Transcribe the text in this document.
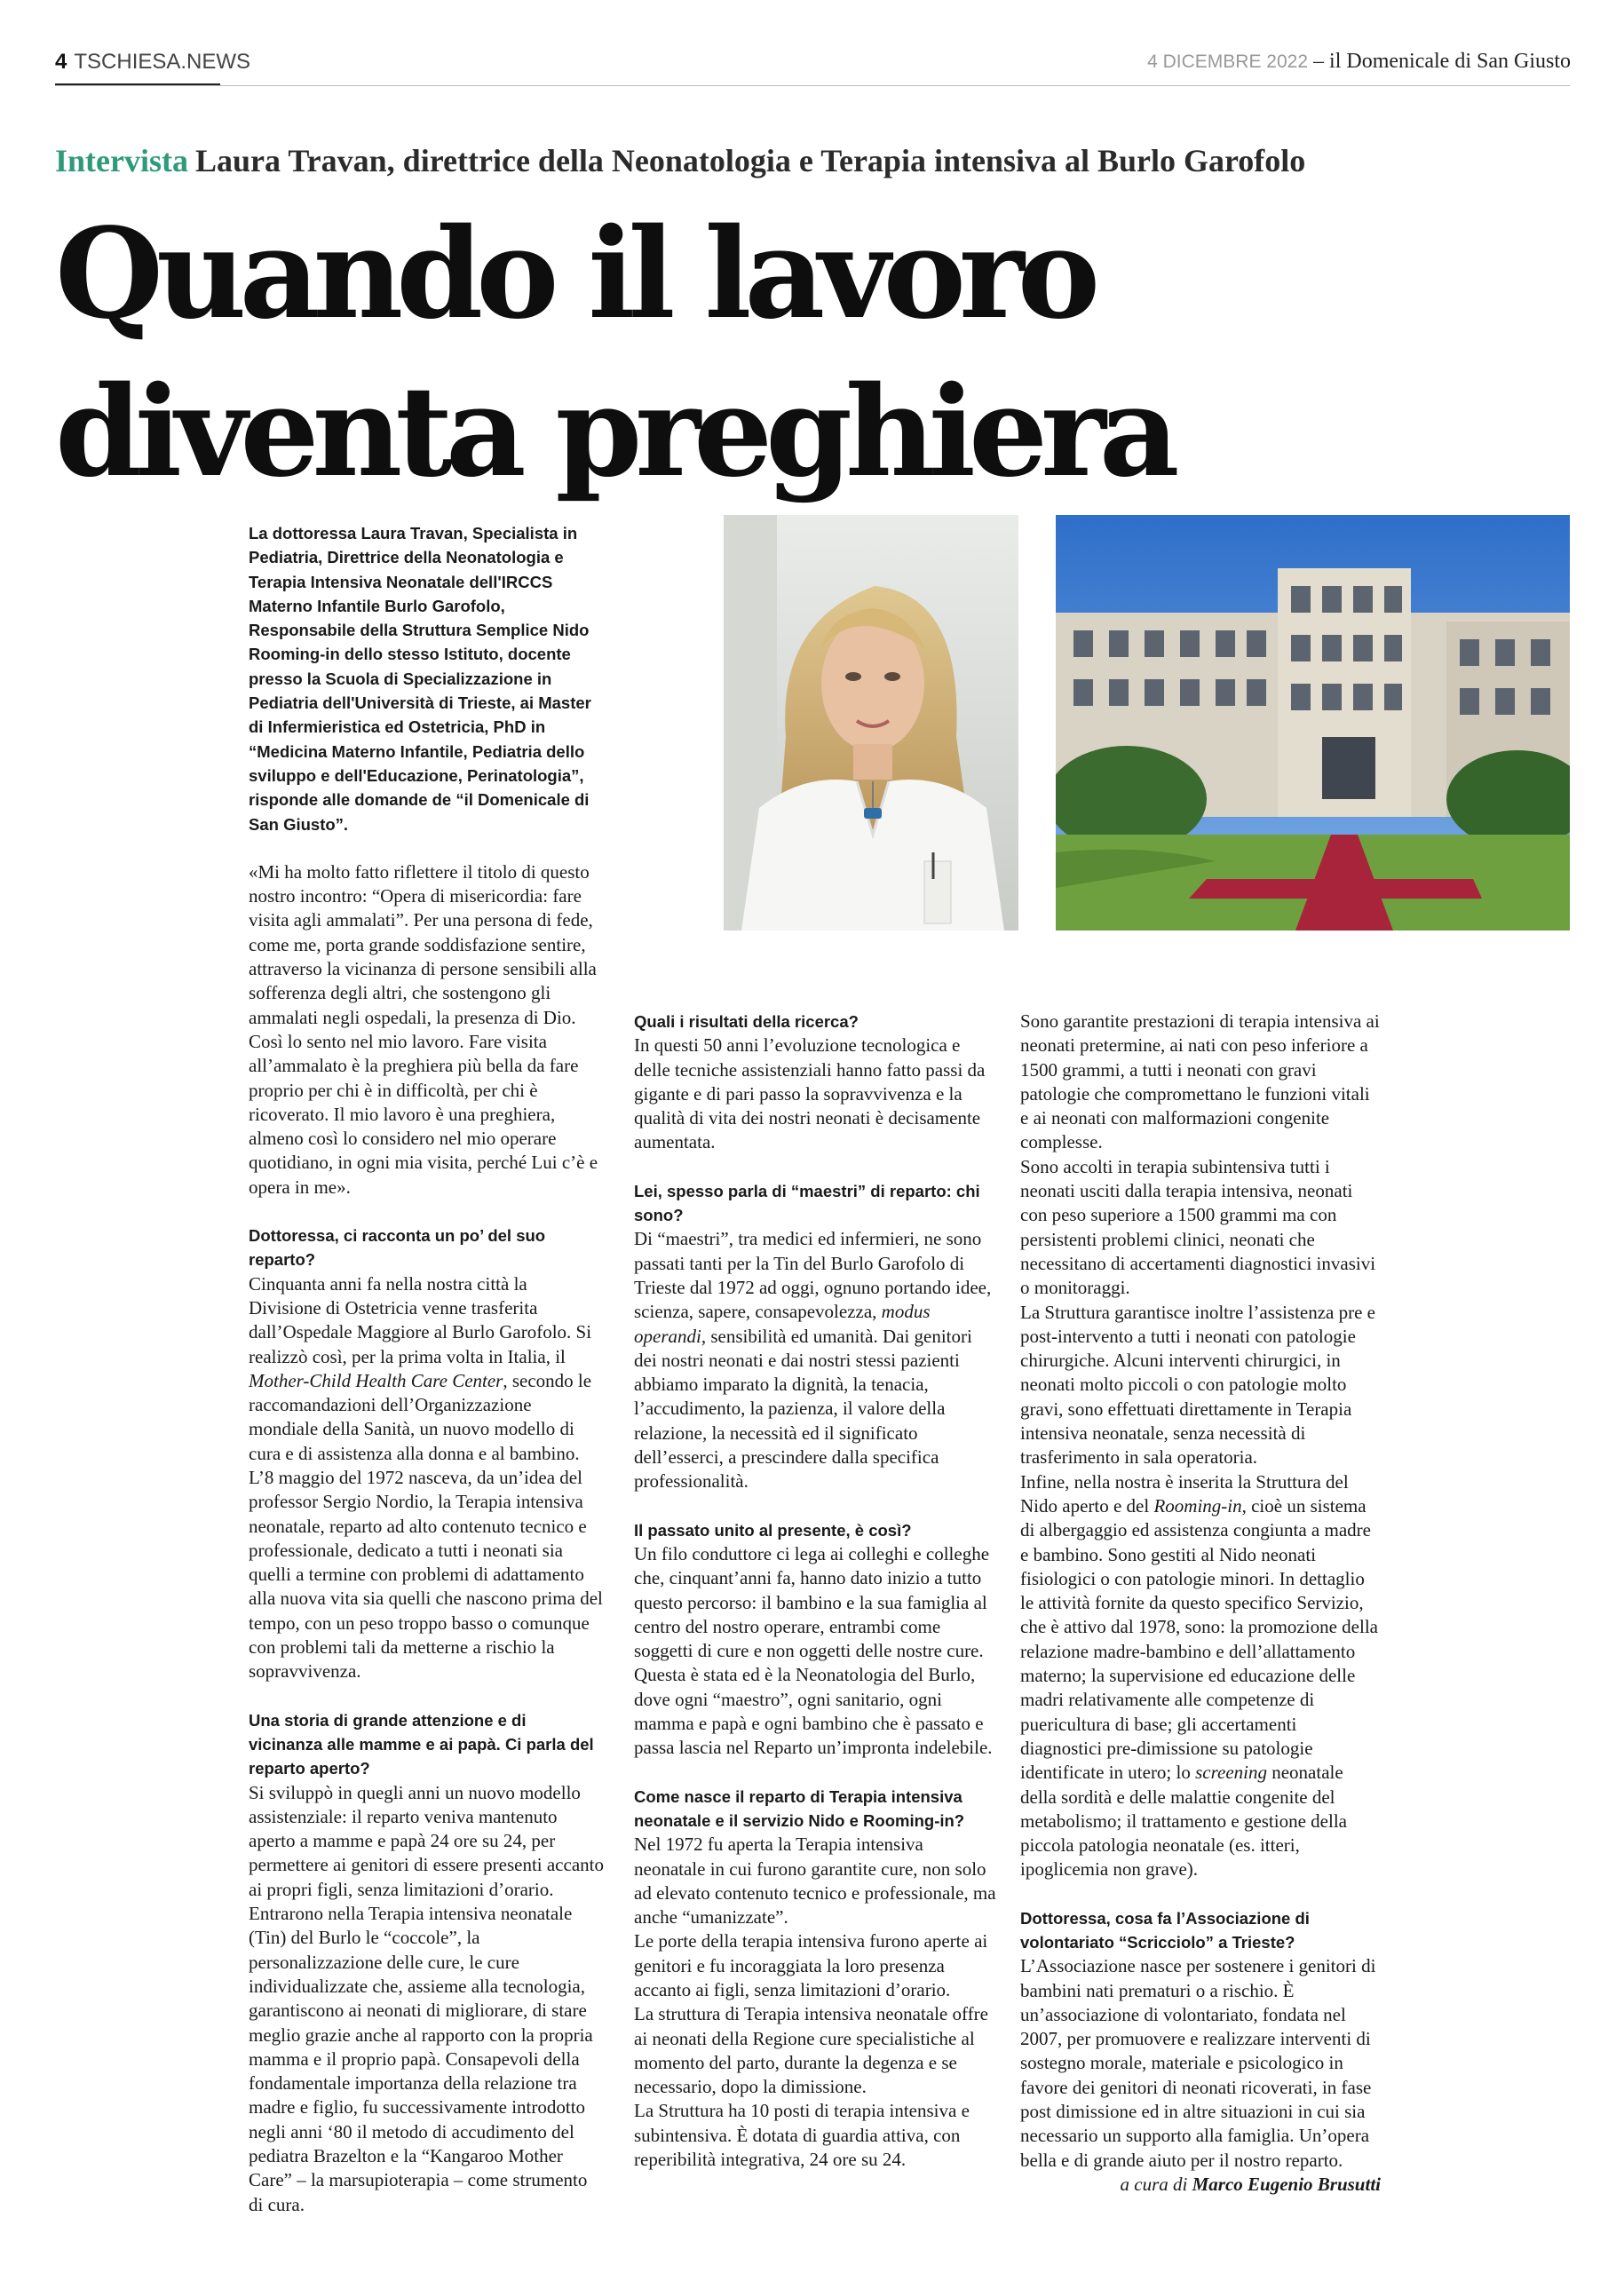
4 TSCHIESA.NEWS	4 DICEMBRE 2022 – il Domenicale di San Giusto
Intervista Laura Travan, direttrice della Neonatologia e Terapia intensiva al Burlo Garofolo
Quando il lavoro
diventa preghiera

La dottoressa Laura Travan, Specialista in Pediatria, Direttrice della Neonatologia e Terapia Intensiva Neonatale dell'IRCCS Materno Infantile Burlo Garofolo, Responsabile della Struttura Semplice Nido Rooming-in dello stesso Istituto, docente presso la Scuola di Specializzazione in Pediatria dell'Università di Trieste, ai Master di Infermieristica ed Ostetricia, PhD in “Medicina Materno Infantile, Pediatria dello sviluppo e dell'Educazione, Perinatologia”, risponde alle domande de “il Domenicale di San Giusto”.

«Mi ha molto fatto riflettere il titolo di questo nostro incontro: “Opera di misericordia: fare visita agli ammalati”. Per una persona di fede, come me, porta grande soddisfazione sentire, attraverso la vicinanza di persone sensibili alla sofferenza degli altri, che sostengono gli ammalati negli ospedali, la presenza di Dio. Così lo sento nel mio lavoro. Fare visita all’ammalato è la preghiera più bella da fare proprio per chi è in difficoltà, per chi è ricoverato. Il mio lavoro è una preghiera, almeno così lo considero nel mio operare quotidiano, in ogni mia visita, perché Lui c’è e opera in me».

Dottoressa, ci racconta un po’ del suo reparto?

Cinquanta anni fa nella nostra città la Divisione di Ostetricia venne trasferita dall’Ospedale Maggiore al Burlo Garofolo. Si realizzò così, per la prima volta in Italia, il Mother-Child Health Care Center, secondo le raccomandazioni dell’Organizzazione mondiale della Sanità, un nuovo modello di cura e di assistenza alla donna e al bambino.

L’8 maggio del 1972 nasceva, da un’idea del professor Sergio Nordio, la Terapia intensiva neonatale, reparto ad alto contenuto tecnico e professionale, dedicato a tutti i neonati sia quelli a termine con problemi di adattamento alla nuova vita sia quelli che nascono prima del tempo, con un peso troppo basso o comunque con problemi tali da metterne a rischio la sopravvivenza.

Una storia di grande attenzione e di vicinanza alle mamme e ai papà. Ci parla del reparto aperto?

Si sviluppò in quegli anni un nuovo modello assistenziale: il reparto veniva mantenuto aperto a mamme e papà 24 ore su 24, per permettere ai genitori di essere presenti accanto ai propri figli, senza limitazioni d’orario. Entrarono nella Terapia intensiva neonatale (Tin) del Burlo le “coccole”, la personalizzazione delle cure, le cure individualizzate che, assieme alla tecnologia, garantiscono ai neonati di migliorare, di stare meglio grazie anche al rapporto con la propria mamma e il proprio papà. Consapevoli della fondamentale importanza della relazione tra madre e figlio, fu successivamente introdotto negli anni ‘80 il metodo di accudimento del pediatra Brazelton e la “Kangaroo Mother Care” – la marsupioterapia – come strumento di cura.

Quali i risultati della ricerca?

In questi 50 anni l’evoluzione tecnologica e delle tecniche assistenziali hanno fatto passi da gigante e di pari passo la sopravvivenza e la qualità di vita dei nostri neonati è decisamente aumentata.

Lei, spesso parla di “maestri” di reparto: chi sono?

Di “maestri”, tra medici ed infermieri, ne sono passati tanti per la Tin del Burlo Garofolo di Trieste dal 1972 ad oggi, ognuno portando idee, scienza, sapere, consapevolezza, modus operandi, sensibilità ed umanità. Dai genitori dei nostri neonati e dai nostri stessi pazienti abbiamo imparato la dignità, la tenacia, l’accudimento, la pazienza, il valore della relazione, la necessità ed il significato dell’esserci, a prescindere dalla specifica professionalità.

Il passato unito al presente, è così?

Un filo conduttore ci lega ai colleghi e colleghe che, cinquant’anni fa, hanno dato inizio a tutto questo percorso: il bambino e la sua famiglia al centro del nostro operare, entrambi come soggetti di cure e non oggetti delle nostre cure. Questa è stata ed è la Neonatologia del Burlo, dove ogni “maestro”, ogni sanitario, ogni mamma e papà e ogni bambino che è passato e passa lascia nel Reparto un’impronta indelebile.

Come nasce il reparto di Terapia intensiva neonatale e il servizio Nido e Rooming-in?

Nel 1972 fu aperta la Terapia intensiva neonatale in cui furono garantite cure, non solo ad elevato contenuto tecnico e professionale, ma anche “umanizzate”.

Le porte della terapia intensiva furono aperte ai genitori e fu incoraggiata la loro presenza accanto ai figli, senza limitazioni d’orario.

La struttura di Terapia intensiva neonatale offre ai neonati della Regione cure specialistiche al momento del parto, durante la degenza e se necessario, dopo la dimissione.

La Struttura ha 10 posti di terapia intensiva e subintensiva. È dotata di guardia attiva, con reperibilità integrativa, 24 ore su 24.

Sono garantite prestazioni di terapia intensiva ai neonati pretermine, ai nati con peso inferiore a 1500 grammi, a tutti i neonati con gravi patologie che compromettano le funzioni vitali e ai neonati con malformazioni congenite complesse.

Sono accolti in terapia subintensiva tutti i neonati usciti dalla terapia intensiva, neonati con peso superiore a 1500 grammi ma con persistenti problemi clinici, neonati che necessitano di accertamenti diagnostici invasivi o monitoraggi.

La Struttura garantisce inoltre l’assistenza pre e post-intervento a tutti i neonati con patologie chirurgiche. Alcuni interventi chirurgici, in neonati molto piccoli o con patologie molto gravi, sono effettuati direttamente in Terapia intensiva neonatale, senza necessità di trasferimento in sala operatoria.

Infine, nella nostra è inserita la Struttura del Nido aperto e del Rooming-in, cioè un sistema di albergaggio ed assistenza congiunta a madre e bambino. Sono gestiti al Nido neonati fisiologici o con patologie minori. In dettaglio le attività fornite da questo specifico Servizio, che è attivo dal 1978, sono: la promozione della relazione madre-bambino e dell’allattamento materno; la supervisione ed educazione delle madri relativamente alle competenze di puericultura di base; gli accertamenti diagnostici pre-dimissione su patologie identificate in utero; lo screening neonatale della sordità e delle malattie congenite del metabolismo; il trattamento e gestione della piccola patologia neonatale (es. itteri, ipoglicemia non grave).

Dottoressa, cosa fa l’Associazione di volontariato “Scricciolo” a Trieste?

L’Associazione nasce per sostenere i genitori di bambini nati prematuri o a rischio. È un’associazione di volontariato, fondata nel 2007, per promuovere e realizzare interventi di sostegno morale, materiale e psicologico in favore dei genitori di neonati ricoverati, in fase post dimissione ed in altre situazioni in cui sia necessario un supporto alla famiglia. Un’opera bella e di grande aiuto per il nostro reparto.

a cura di Marco Eugenio Brusutti
